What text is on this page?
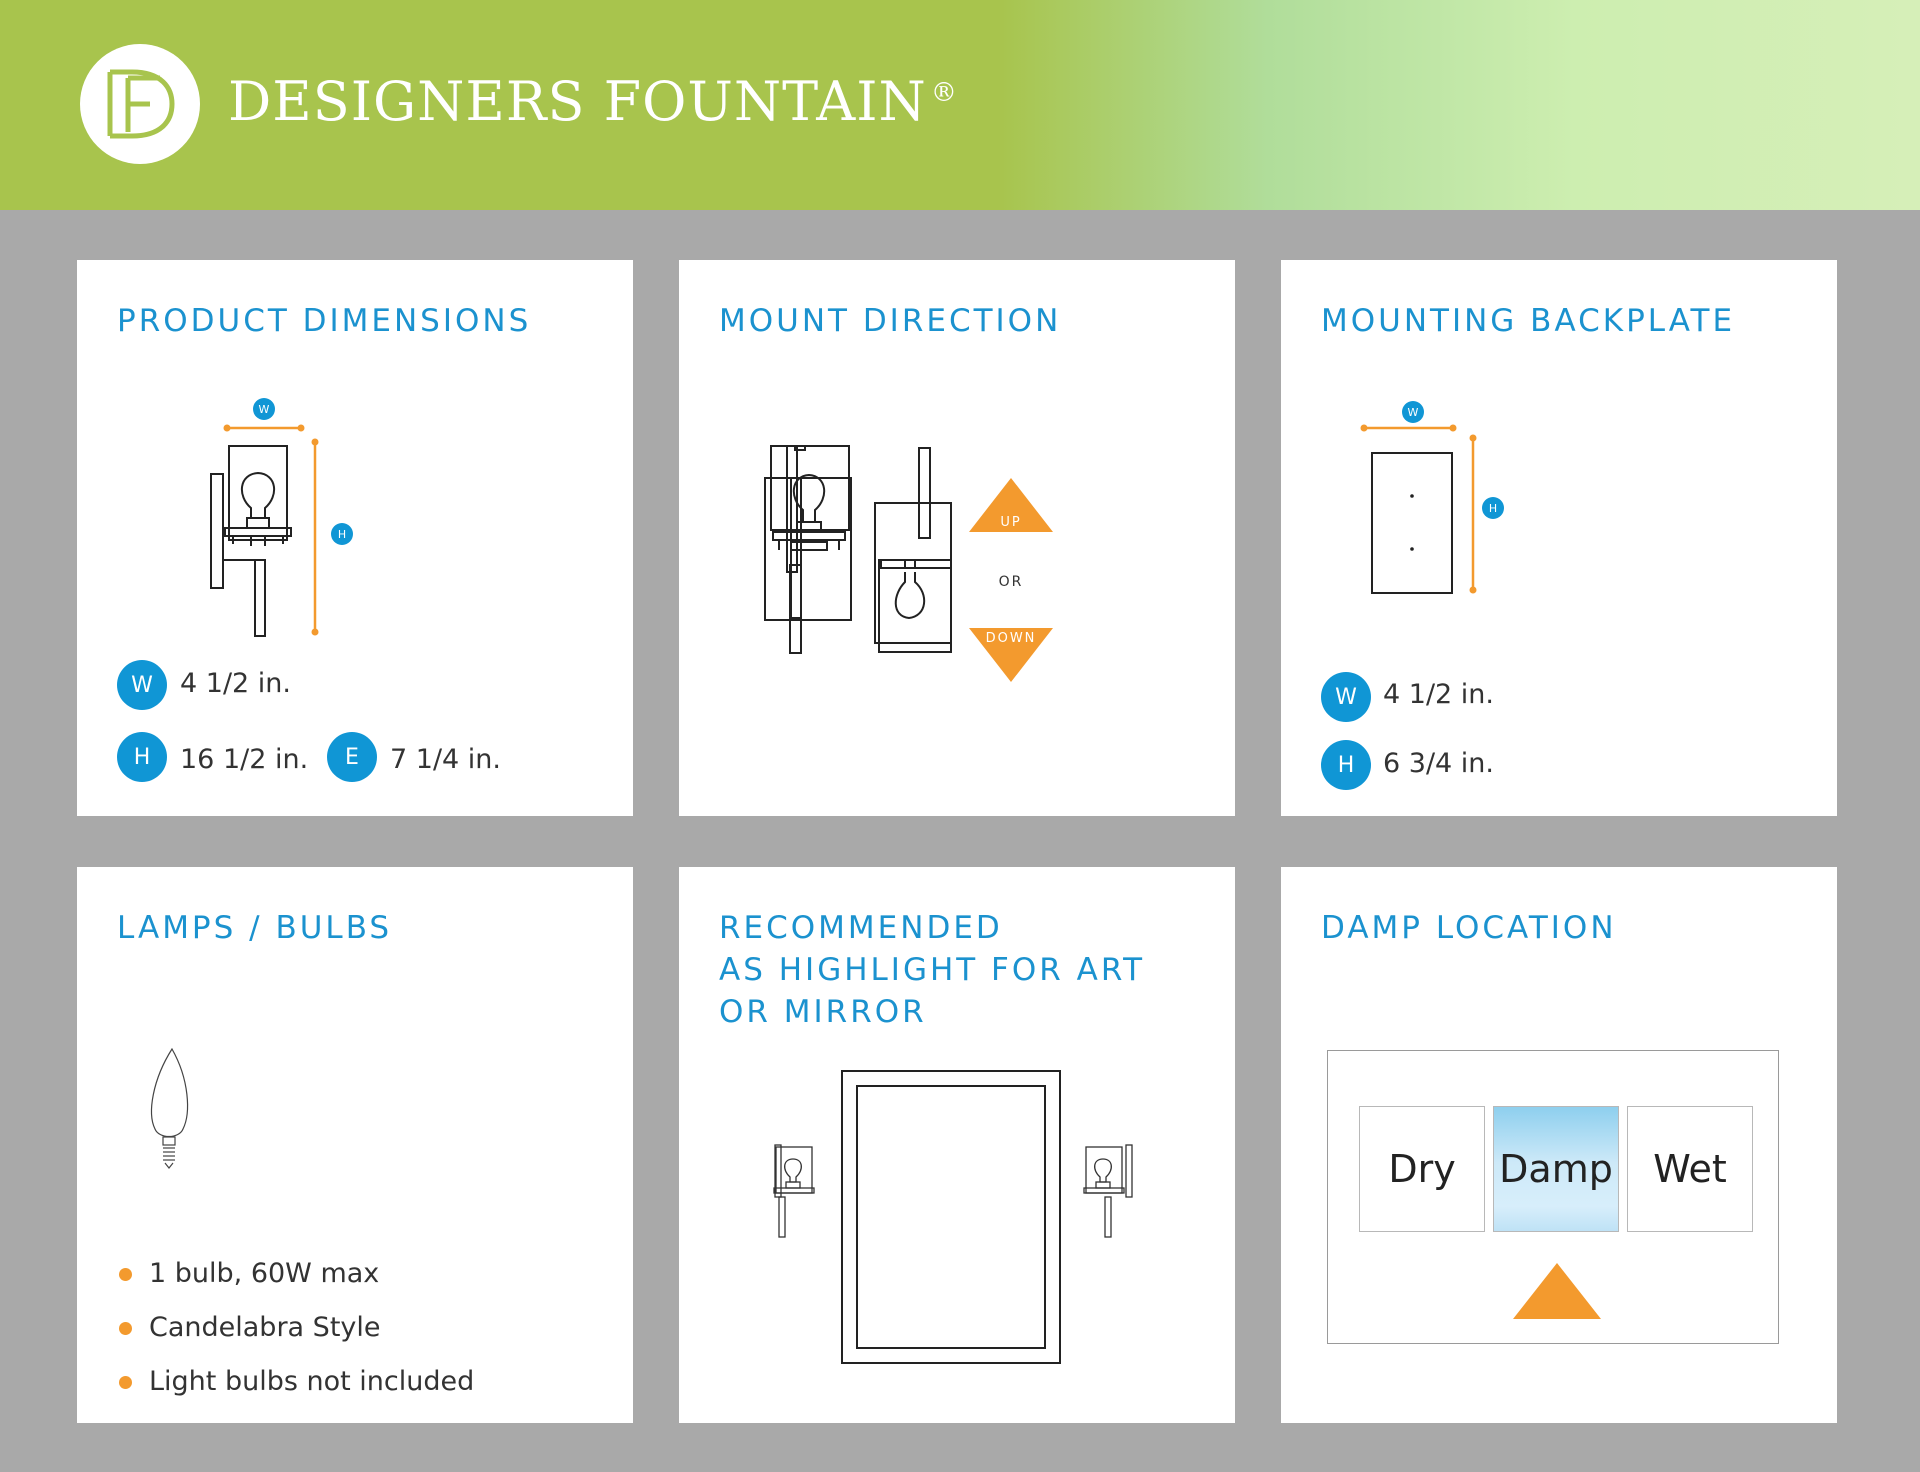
DESIGNERS FOUNTAIN ®
PRODUCT DIMENSIONS
W
H
W	4 1/2 in.
H	16 1/2 in.	E	7 1/4 in.
MOUNT DIRECTION
UP
OR
DOWN
MOUNTING BACKPLATE
W
H
W 4 1/2 in.
H	6 3/4 in.
LAMPS / BULBS
1 bulb, 60W max
Candelabra Style
Light bulbs not included
RECOMMENDED
AS HIGHLIGHT FOR ART
OR MIRROR
DAMP LOCATION
Dry	Damp	Wet
